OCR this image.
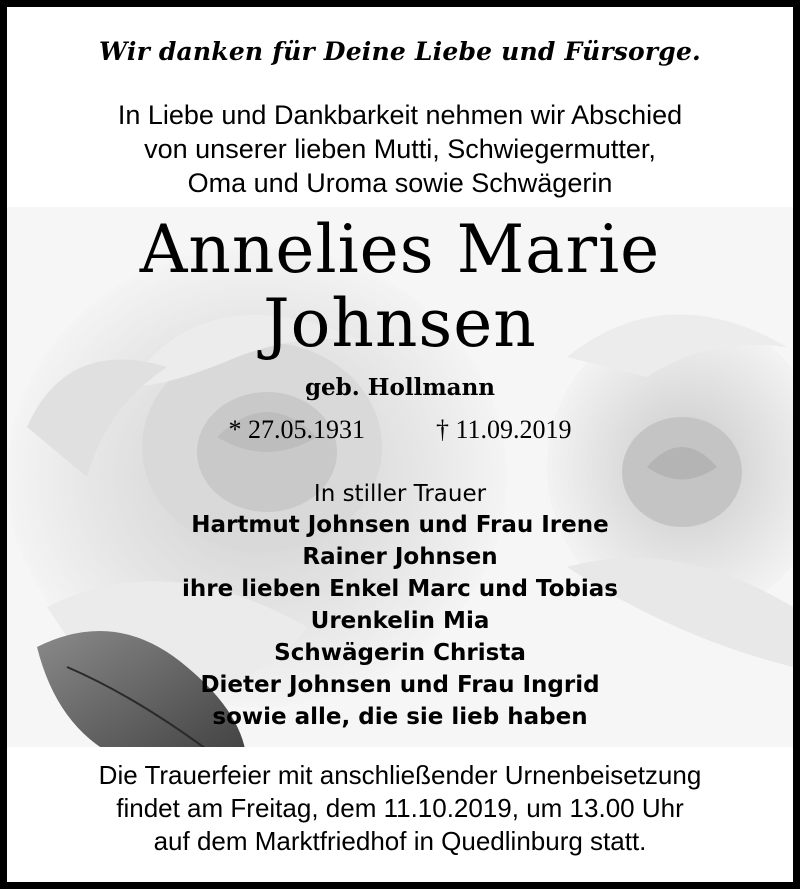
Wir danken für Deine Liebe und Fürsorge.
In Liebe und Dankbarkeit nehmen wir Abschied
von unserer lieben Mutti, Schwiegermutter,
Oma und Uroma sowie Schwägerin
Annelies Marie
Johnsen
geb. Hollmann
* 27.05.1931	† 11.09.2019
In stiller Trauer
Hartmut Johnsen und Frau Irene
Rainer Johnsen
ihre lieben Enkel Marc und Tobias
Urenkelin Mia
Schwägerin Christa
Dieter Johnsen und Frau Ingrid
sowie alle, die sie lieb haben
Die Trauerfeier mit anschließender Urnenbeisetzung
findet am Freitag, dem 11.10.2019, um 13.00 Uhr
auf dem Marktfriedhof in Quedlinburg statt.
